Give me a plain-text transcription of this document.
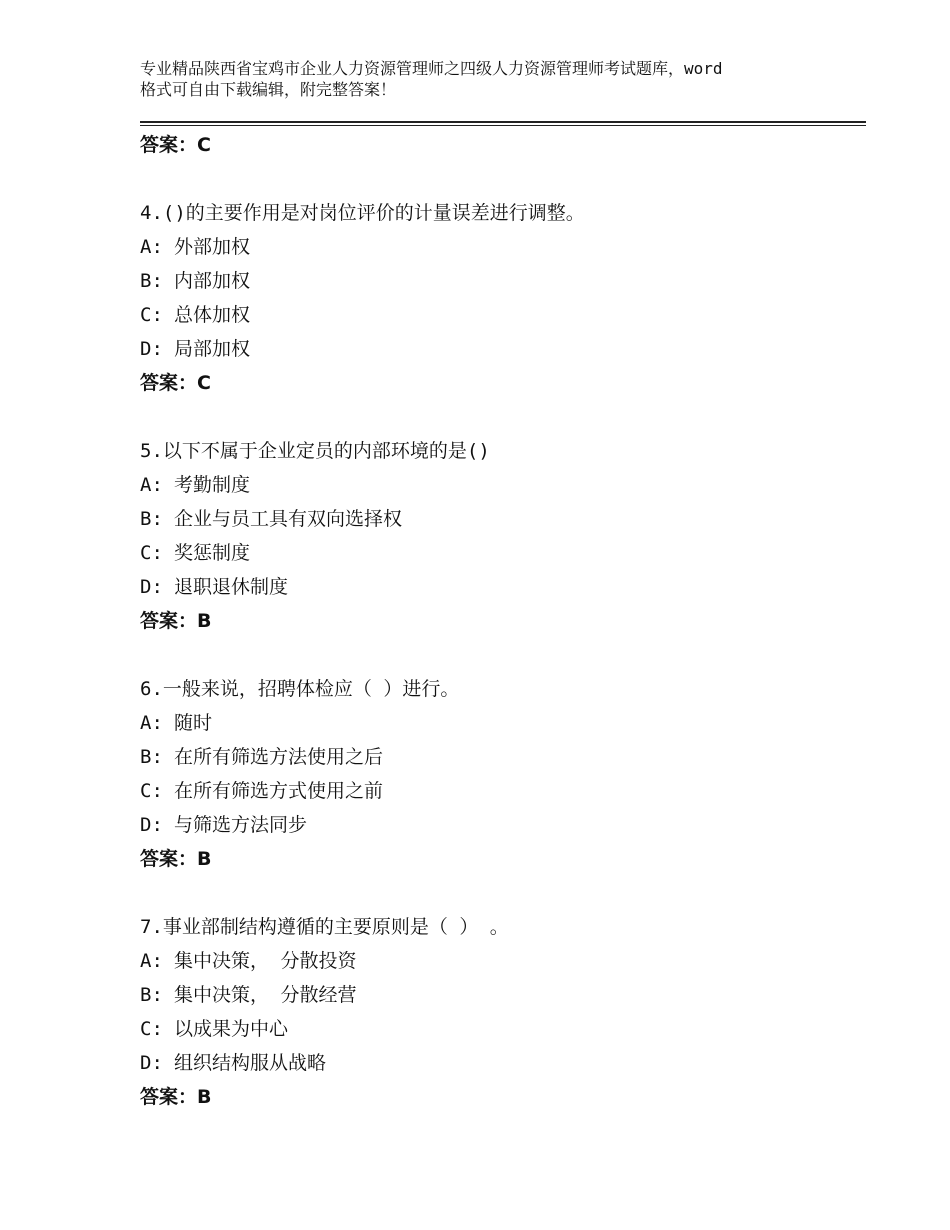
专业精品陕西省宝鸡市企业人力资源管理师之四级人力资源管理师考试题库，word
格式可自由下载编辑，附完整答案！
答案：C
4.()的主要作用是对岗位评价的计量误差进行调整。
A: 外部加权
B: 内部加权
C: 总体加权
D: 局部加权
答案：C
5.以下不属于企业定员的内部环境的是()
A: 考勤制度
B: 企业与员工具有双向选择权
C: 奖惩制度
D: 退职退休制度
答案：B
6.一般来说，招聘体检应（ ）进行。
A: 随时
B: 在所有筛选方法使用之后
C: 在所有筛选方式使用之前
D: 与筛选方法同步
答案：B
7.事业部制结构遵循的主要原则是（ ） 。
A: 集中决策， 分散投资
B: 集中决策， 分散经营
C: 以成果为中心
D: 组织结构服从战略
答案：B
